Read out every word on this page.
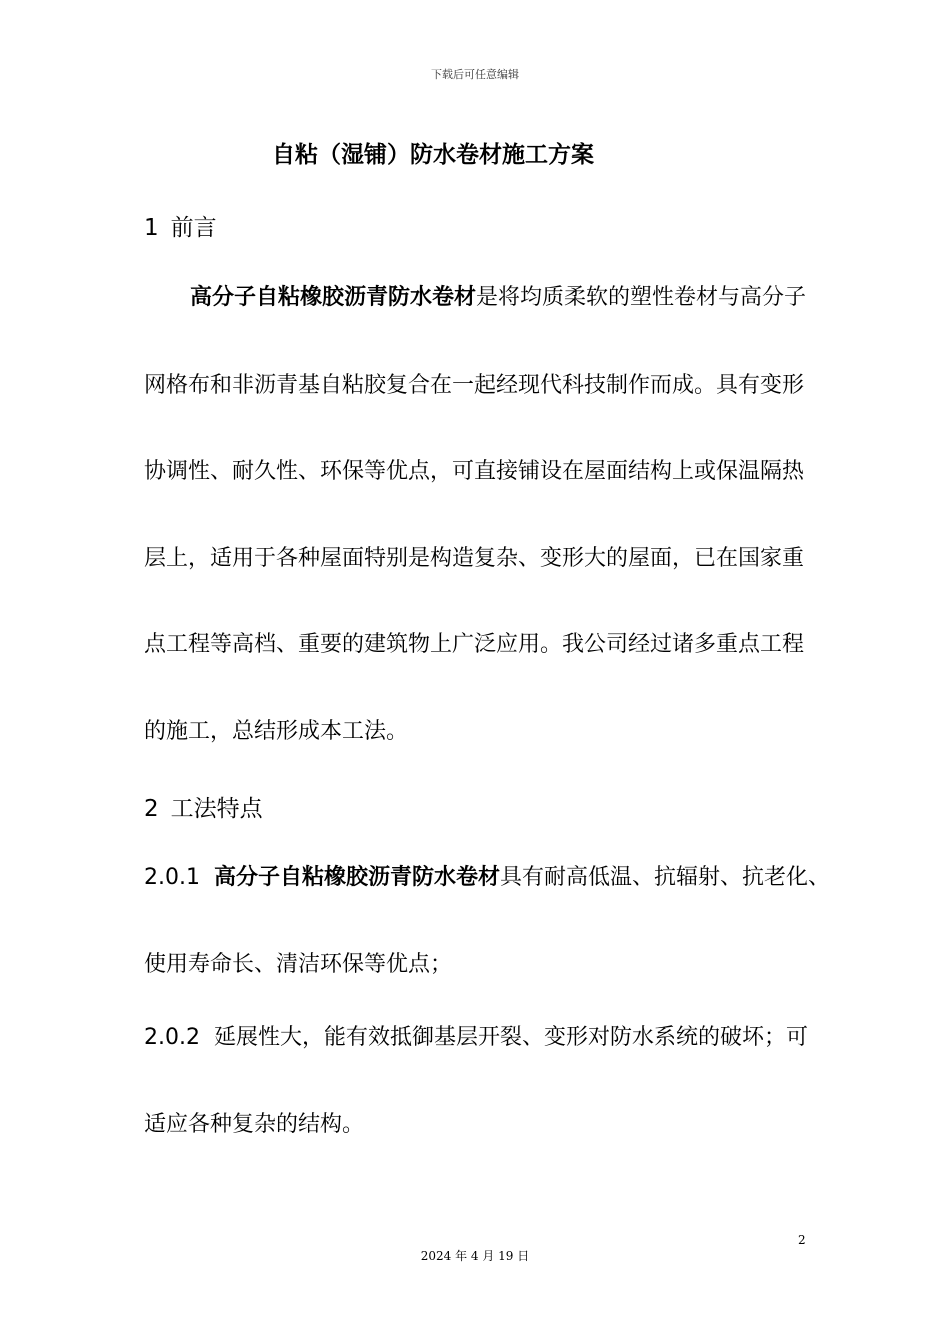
下载后可任意编辑
自粘（湿铺）防水卷材施工方案
1 前言
高分子自粘橡胶沥青防水卷材是将均质柔软的塑性卷材与高分子
网格布和非沥青基自粘胶复合在一起经现代科技制作而成。具有变形
协调性、耐久性、环保等优点，可直接铺设在屋面结构上或保温隔热
层上，适用于各种屋面特别是构造复杂、变形大的屋面，已在国家重
点工程等高档、重要的建筑物上广泛应用。我公司经过诸多重点工程
的施工，总结形成本工法。
2 工法特点
2.0.1 高分子自粘橡胶沥青防水卷材具有耐高低温、抗辐射、抗老化、
使用寿命长、清洁环保等优点；
2.0.2 延展性大，能有效抵御基层开裂、变形对防水系统的破坏；可
适应各种复杂的结构。
2
2024 年 4 月 19 日
